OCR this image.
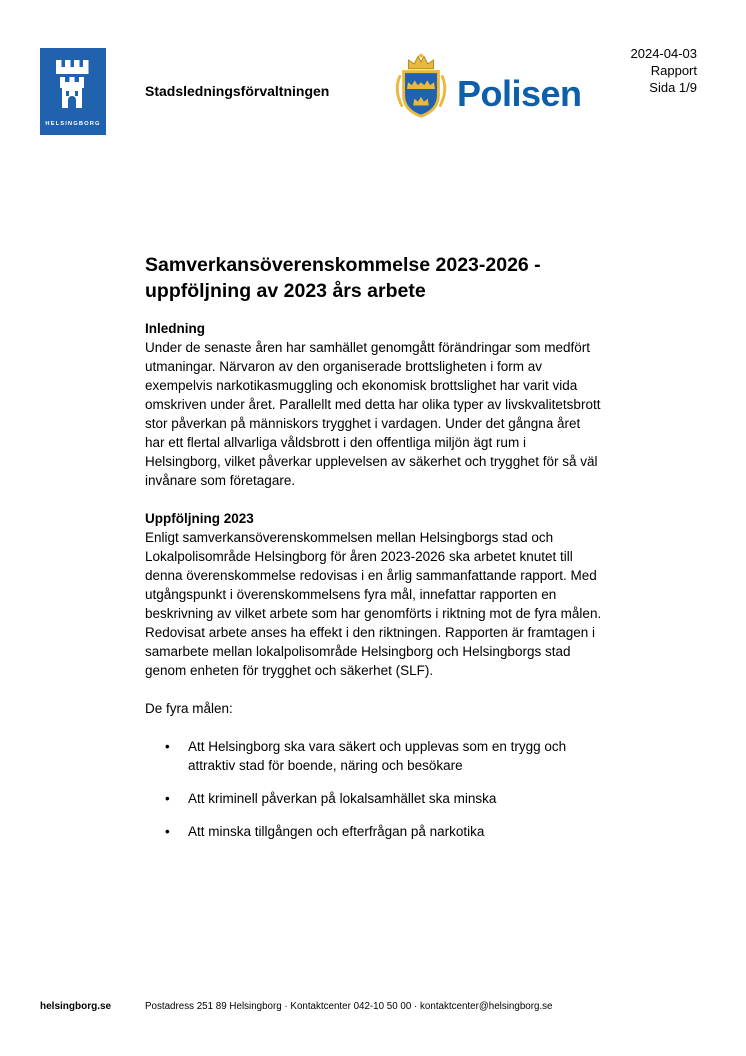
HELSINGBORG
Stadsledningsförvaltningen	Polisen
2024-04-03
Rapport
Sida 1/9
Samverkansöverenskommelse 2023-2026 - uppföljning av 2023 års arbete
Inledning

Under de senaste åren har samhället genomgått förändringar som medfört utmaningar. Närvaron av den organiserade brottsligheten i form av exempelvis narkotikasmuggling och ekonomisk brottslighet har varit vida omskriven under året. Parallellt med detta har olika typer av livskvalitetsbrott stor påverkan på människors trygghet i vardagen. Under det gångna året har ett flertal allvarliga våldsbrott i den offentliga miljön ägt rum i Helsingborg, vilket påverkar upplevelsen av säkerhet och trygghet för så väl invånare som företagare.

Uppföljning 2023

Enligt samverkansöverenskommelsen mellan Helsingborgs stad och Lokalpolisområde Helsingborg för åren 2023-2026 ska arbetet knutet till denna överenskommelse redovisas i en årlig sammanfattande rapport. Med utgångspunkt i överenskommelsens fyra mål, innefattar rapporten en beskrivning av vilket arbete som har genomförts i riktning mot de fyra målen. Redovisat arbete anses ha effekt i den riktningen. Rapporten är framtagen i samarbete mellan lokalpolisområde Helsingborg och Helsingborgs stad genom enheten för trygghet och säkerhet (SLF).

De fyra målen:

• Att Helsingborg ska vara säkert och upplevas som en trygg och attraktiv stad för boende, näring och besökare
• Att kriminell påverkan på lokalsamhället ska minska
• Att minska tillgången och efterfrågan på narkotika
helsingborg.se	Postadress 251 89 Helsingborg · Kontaktcenter 042-10 50 00 · kontaktcenter@helsingborg.se
